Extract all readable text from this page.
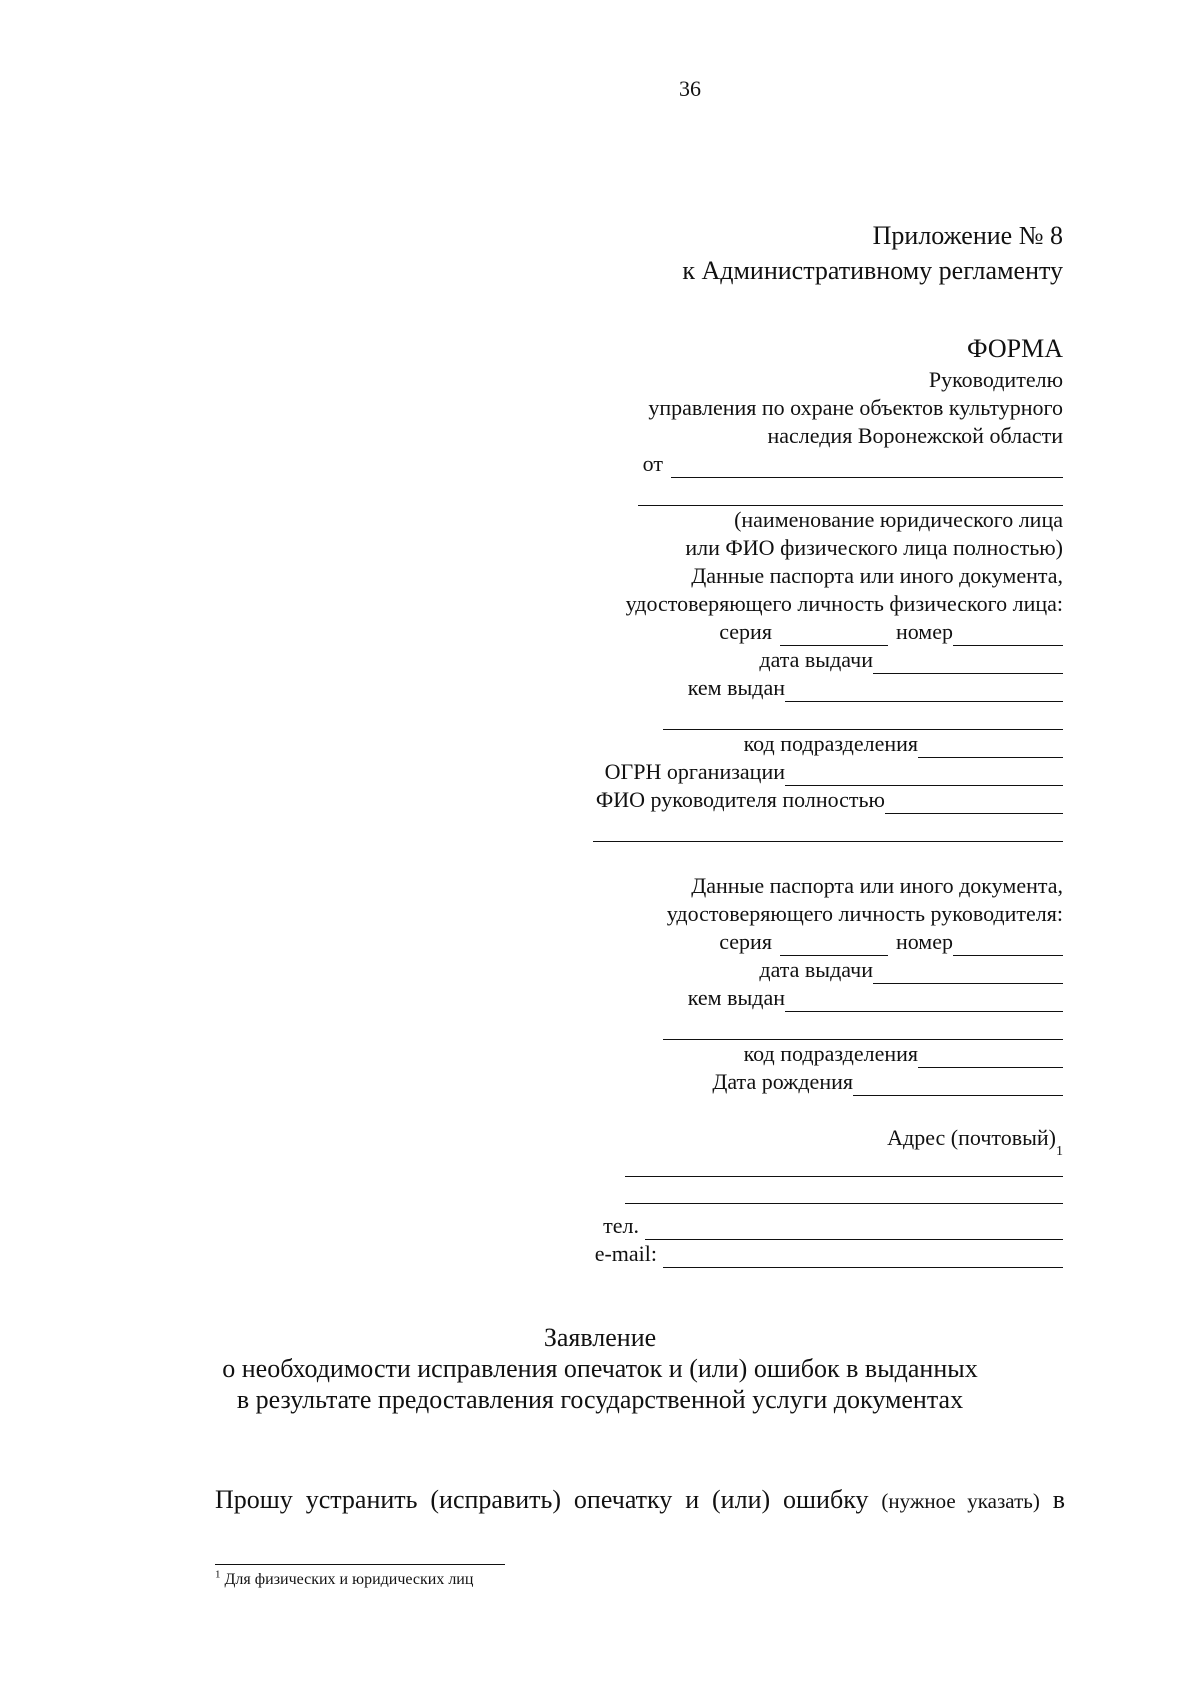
36
Приложение № 8
к Административному регламенту
ФОРМА
Руководителю
управления по охране объектов культурного
наследия Воронежской области
от
(наименование юридического лица
или ФИО физического лица полностью)
Данные паспорта или иного документа,
удостоверяющего личность физического лица:
серия	номер
дата выдачи
кем выдан
код подразделения
ОГРН организации
ФИО руководителя полностью
Данные паспорта или иного документа,
удостоверяющего личность руководителя:
серия	номер
дата выдачи
кем выдан
код подразделения
Дата рождения
Адрес (почтовый)
1
тел.
e-mail:
Заявление
о необходимости исправления опечаток и (или) ошибок в выданных
в результате предоставления государственной услуги документах
Прошу устранить (исправить) опечатку и (или) ошибку (нужное указать) в
$^1$ Для физических и юридических лиц
